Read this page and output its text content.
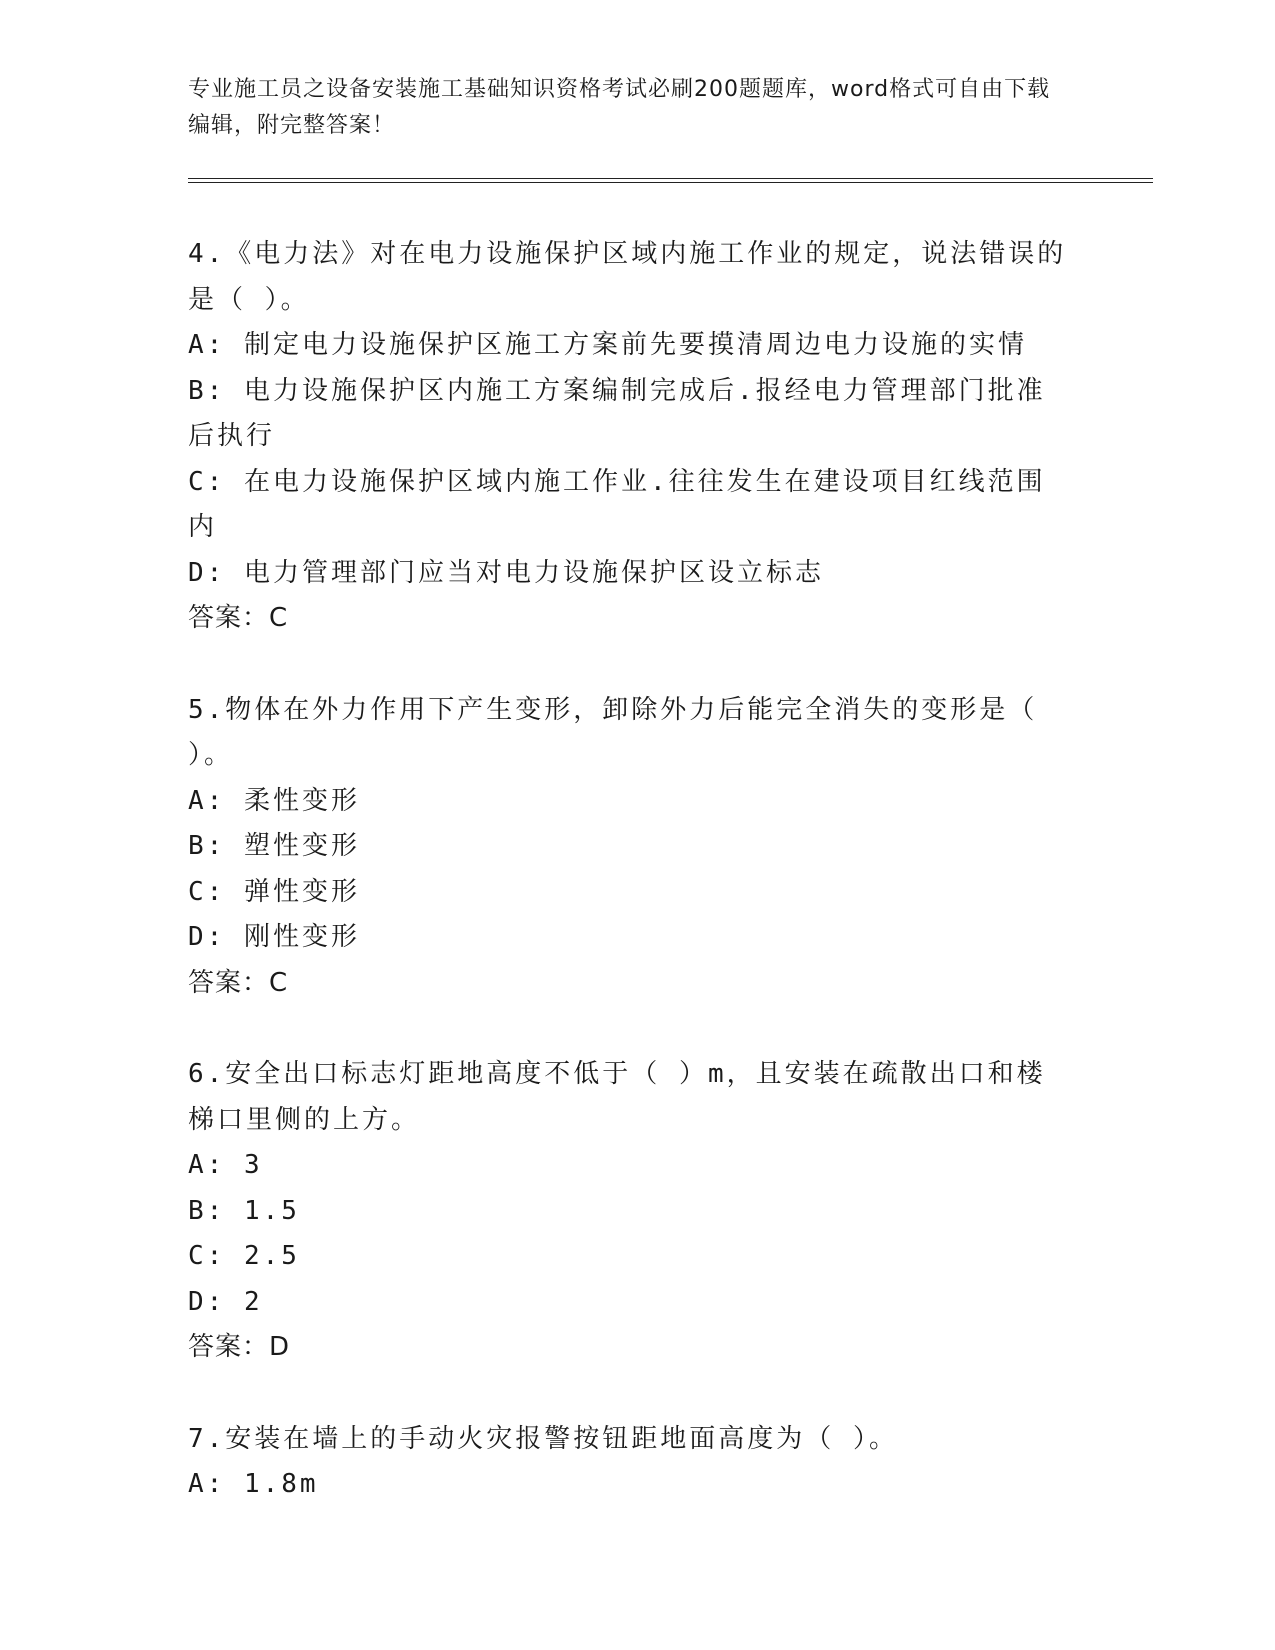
专业施工员之设备安装施工基础知识资格考试必刷200题题库，word格式可自由下载编辑，附完整答案！

4.《电力法》对在电力设施保护区域内施工作业的规定，说法错误的是（ ）。

A: 制定电力设施保护区施工方案前先要摸清周边电力设施的实情

B: 电力设施保护区内施工方案编制完成后.报经电力管理部门批准后执行

C: 在电力设施保护区域内施工作业.往往发生在建设项目红线范围内

D: 电力管理部门应当对电力设施保护区设立标志

答案：C

5.物体在外力作用下产生变形，卸除外力后能完全消失的变形是（ ）。

A: 柔性变形

B: 塑性变形

C: 弹性变形

D: 刚性变形

答案：C

6.安全出口标志灯距地高度不低于（ ）m，且安装在疏散出口和楼梯口里侧的上方。

A: 3

B: 1.5

C: 2.5

D: 2

答案：D

7.安装在墙上的手动火灾报警按钮距地面高度为（ ）。

A: 1.8m
